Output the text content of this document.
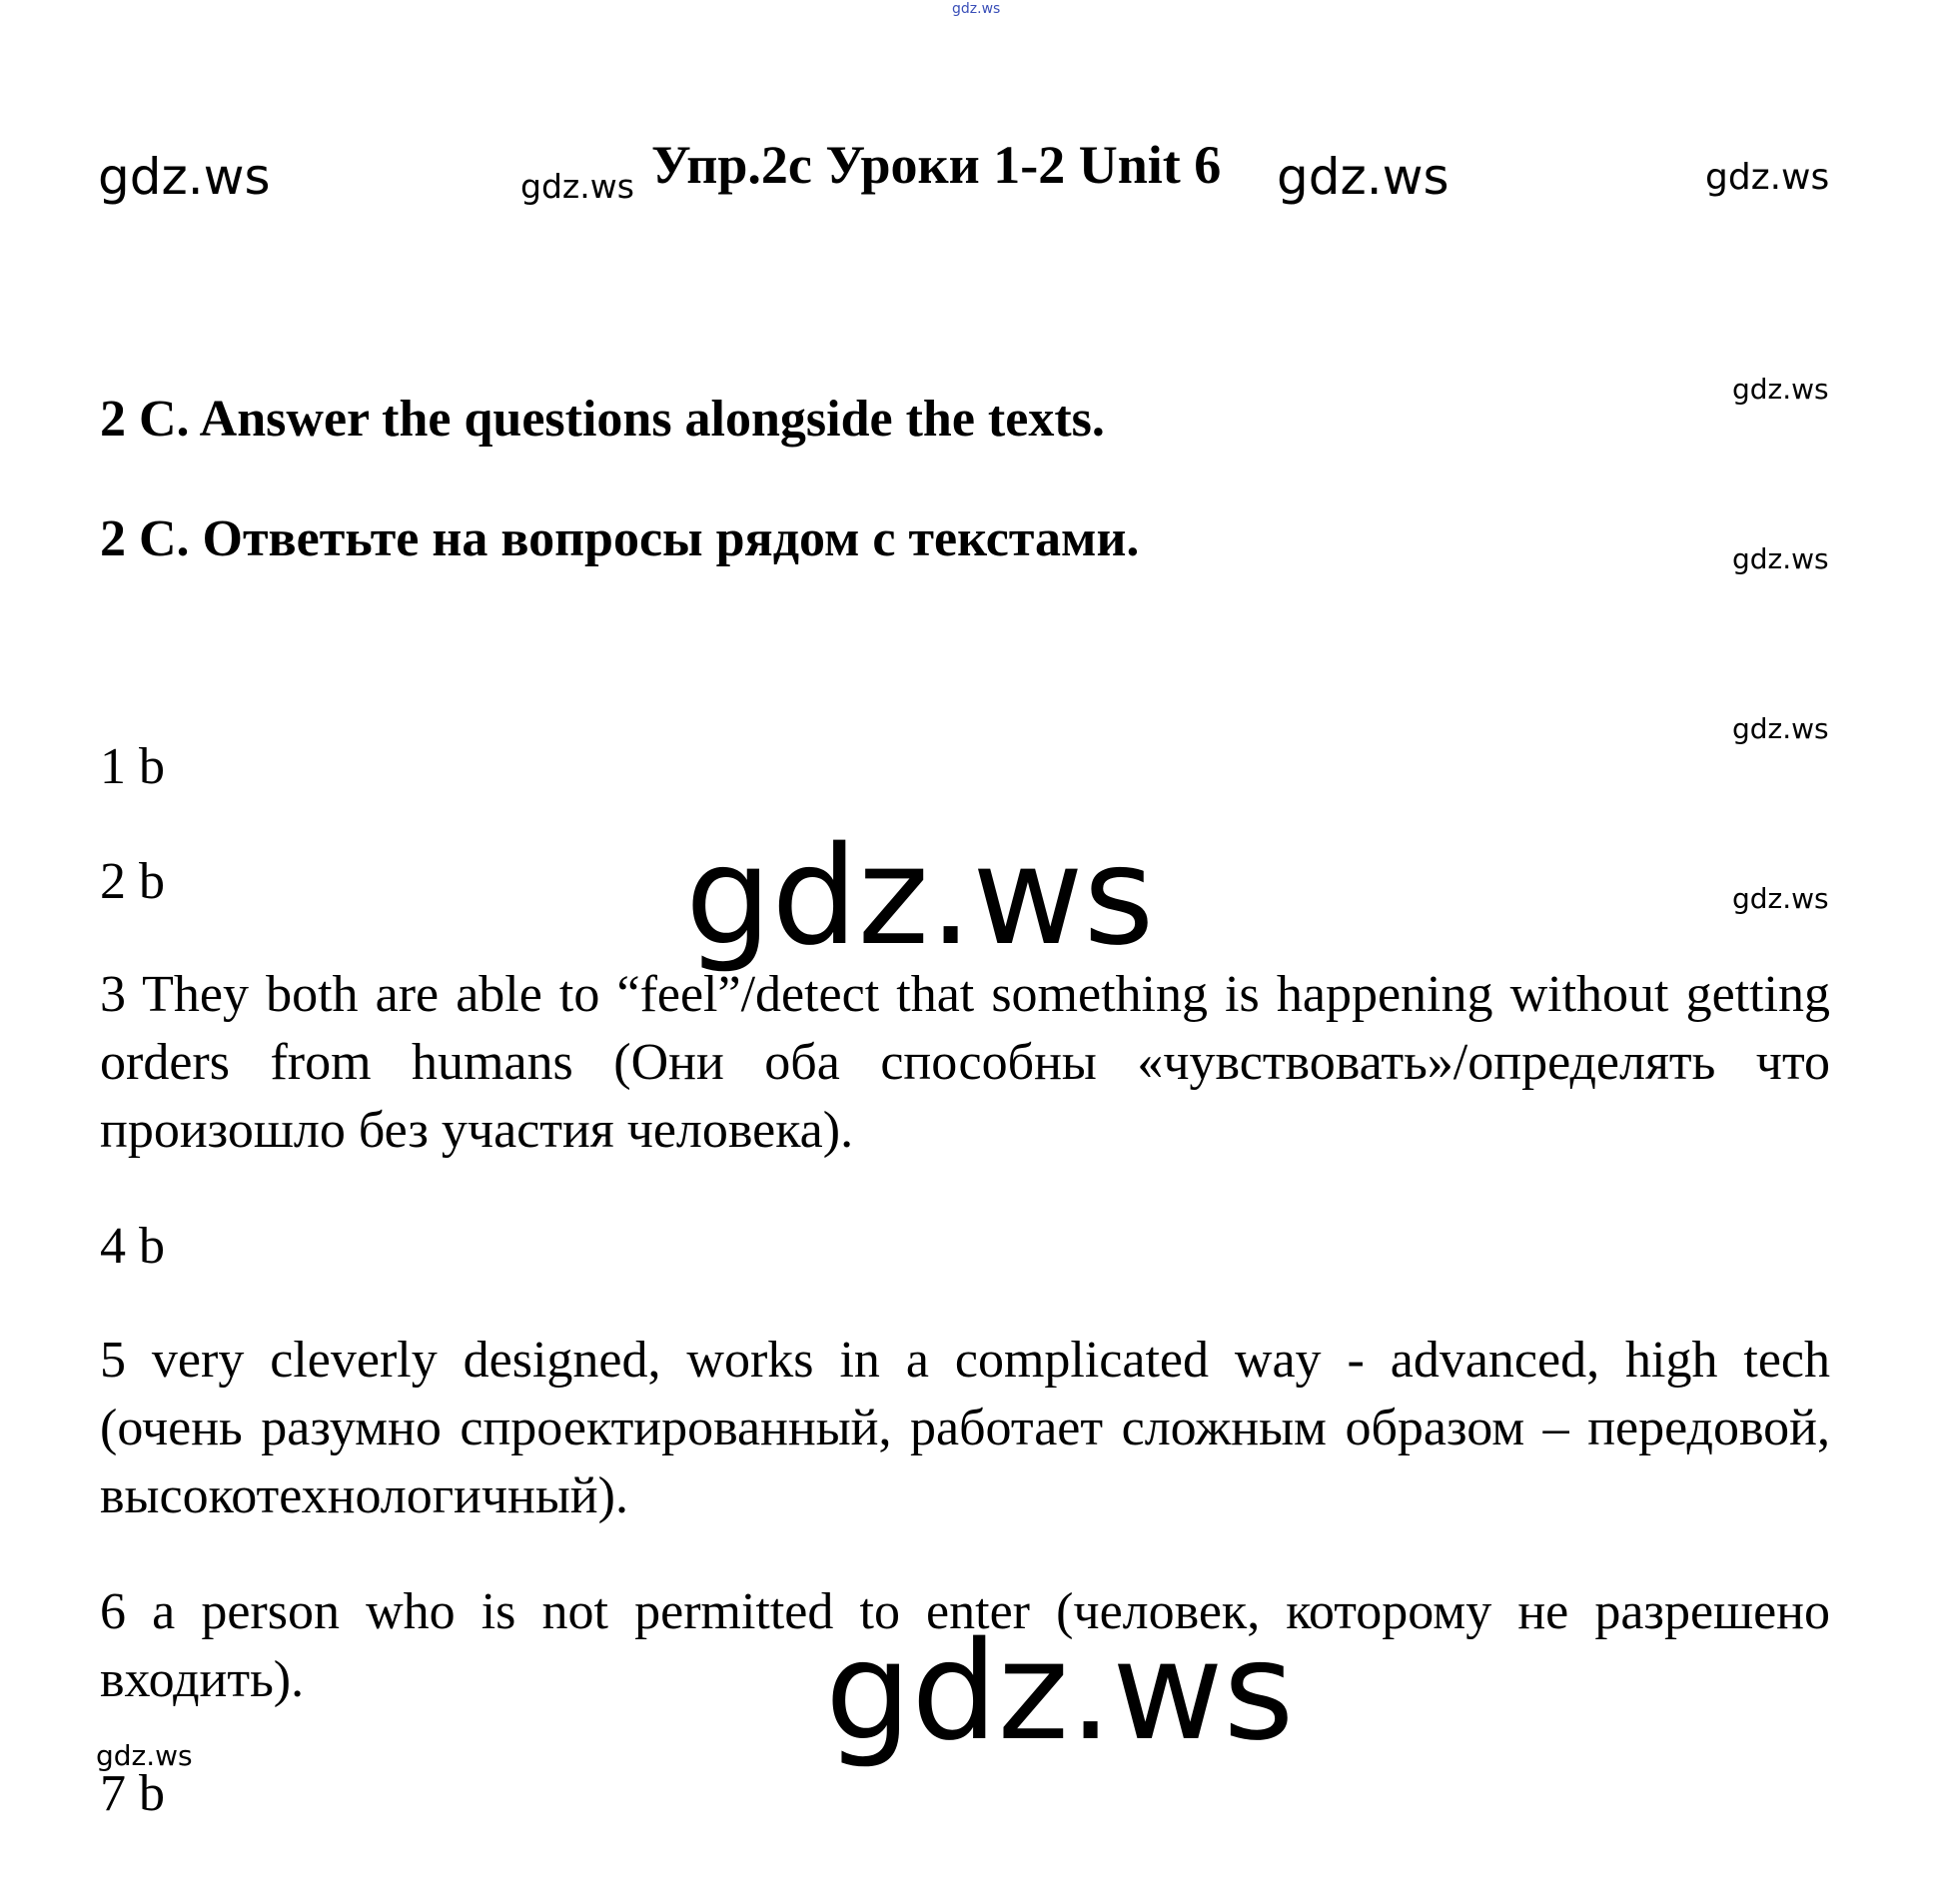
gdz.ws
gdz.ws	gdz.ws Упр.2с Уроки 1-2 Unit 6 gdz.ws	gdz.ws
gdz.ws
2 C. Answer the questions alongside the texts.
2 С. Ответьте на вопросы рядом с текстами.	gdz.ws
gdz.ws
gdz.ws
1 b
2 b
3 They both are able to “feel”/detect that something is happening without getting orders from humans (Они оба способны «чувствовать»/определять что произошло без участия человека).
4 b
5 very cleverly designed, works in a complicated way - advanced, high tech (очень разумно спроектированный, работает сложным образом – передовой, высокотехнологичный).
6 a person who is not permitted to enter (человек, которому не разрешено входить).
7 b
gdz.ws
gdz.ws
gdz.ws
